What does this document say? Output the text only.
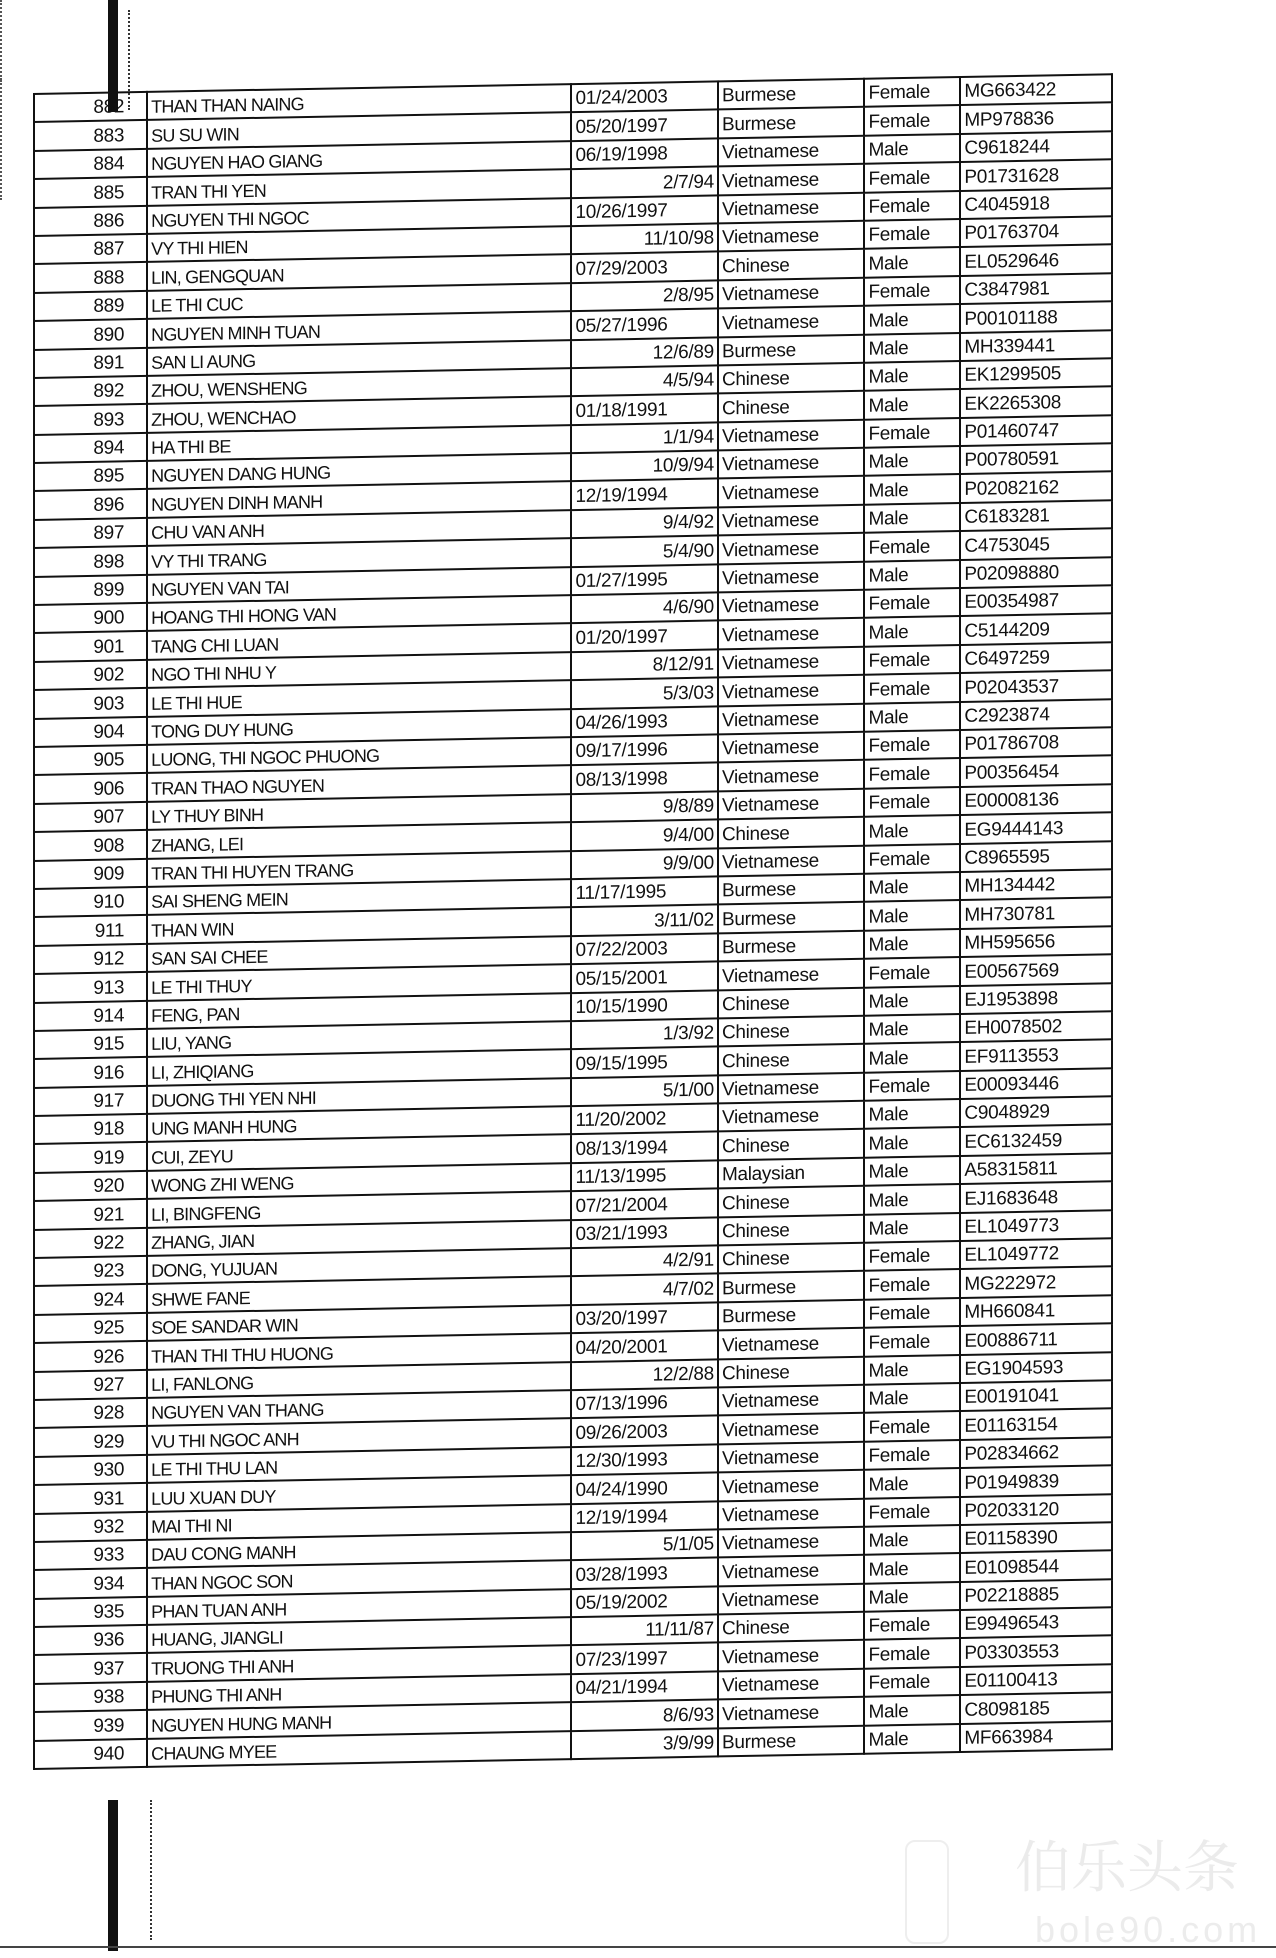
882	THAN THAN NAING	01/24/2003	Burmese	Female	MG663422
883	SU SU WIN	05/20/1997	Burmese	Female	MP978836
884	NGUYEN HAO GIANG	06/19/1998	Vietnamese	Male	C9618244
885	TRAN THI YEN	2/7/94	Vietnamese	Female	P01731628
886	NGUYEN THI NGOC	10/26/1997	Vietnamese	Female	C4045918
887	VY THI HIEN	11/10/98	Vietnamese	Female	P01763704
888	LIN, GENGQUAN	07/29/2003	Chinese	Male	EL0529646
889	LE THI CUC	2/8/95	Vietnamese	Female	C3847981
890	NGUYEN MINH TUAN	05/27/1996	Vietnamese	Male	P00101188
891	SAN LI AUNG	12/6/89	Burmese	Male	MH339441
892	ZHOU, WENSHENG	4/5/94	Chinese	Male	EK1299505
893	ZHOU, WENCHAO	01/18/1991	Chinese	Male	EK2265308
894	HA THI BE	1/1/94	Vietnamese	Female	P01460747
895	NGUYEN DANG HUNG	10/9/94	Vietnamese	Male	P00780591
896	NGUYEN DINH MANH	12/19/1994	Vietnamese	Male	P02082162
897	CHU VAN ANH	9/4/92	Vietnamese	Male	C6183281
898	VY THI TRANG	5/4/90	Vietnamese	Female	C4753045
899	NGUYEN VAN TAI	01/27/1995	Vietnamese	Male	P02098880
900	HOANG THI HONG VAN	4/6/90	Vietnamese	Female	E00354987
901	TANG CHI LUAN	01/20/1997	Vietnamese	Male	C5144209
902	NGO THI NHU Y	8/12/91	Vietnamese	Female	C6497259
903	LE THI HUE	5/3/03	Vietnamese	Female	P02043537
904	TONG DUY HUNG	04/26/1993	Vietnamese	Male	C2923874
905	LUONG, THI NGOC PHUONG	09/17/1996	Vietnamese	Female	P01786708
906	TRAN THAO NGUYEN	08/13/1998	Vietnamese	Female	P00356454
907	LY THUY BINH	9/8/89	Vietnamese	Female	E00008136
908	ZHANG, LEI	9/4/00	Chinese	Male	EG9444143
909	TRAN THI HUYEN TRANG	9/9/00	Vietnamese	Female	C8965595
910	SAI SHENG MEIN	11/17/1995	Burmese	Male	MH134442
911	THAN WIN	3/11/02	Burmese	Male	MH730781
912	SAN SAI CHEE	07/22/2003	Burmese	Male	MH595656
913	LE THI THUY	05/15/2001	Vietnamese	Female	E00567569
914	FENG, PAN	10/15/1990	Chinese	Male	EJ1953898
915	LIU, YANG	1/3/92	Chinese	Male	EH0078502
916	LI, ZHIQIANG	09/15/1995	Chinese	Male	EF9113553
917	DUONG THI YEN NHI	5/1/00	Vietnamese	Female	E00093446
918	UNG MANH HUNG	11/20/2002	Vietnamese	Male	C9048929
919	CUI, ZEYU	08/13/1994	Chinese	Male	EC6132459
920	WONG ZHI WENG	11/13/1995	Malaysian	Male	A58315811
921	LI, BINGFENG	07/21/2004	Chinese	Male	EJ1683648
922	ZHANG, JIAN	03/21/1993	Chinese	Male	EL1049773
923	DONG, YUJUAN	4/2/91	Chinese	Female	EL1049772
924	SHWE FANE	4/7/02	Burmese	Female	MG222972
925	SOE SANDAR WIN	03/20/1997	Burmese	Female	MH660841
926	THAN THI THU HUONG	04/20/2001	Vietnamese	Female	E00886711
927	LI, FANLONG	12/2/88	Chinese	Male	EG1904593
928	NGUYEN VAN THANG	07/13/1996	Vietnamese	Male	E00191041
929	VU THI NGOC ANH	09/26/2003	Vietnamese	Female	E01163154
930	LE THI THU LAN	12/30/1993	Vietnamese	Female	P02834662
931	LUU XUAN DUY	04/24/1990	Vietnamese	Male	P01949839
932	MAI THI NI	12/19/1994	Vietnamese	Female	P02033120
933	DAU CONG MANH	5/1/05	Vietnamese	Male	E01158390
934	THAN NGOC SON	03/28/1993	Vietnamese	Male	E01098544
935	PHAN TUAN ANH	05/19/2002	Vietnamese	Male	P02218885
936	HUANG, JIANGLI	11/11/87	Chinese	Female	E99496543
937	TRUONG THI ANH	07/23/1997	Vietnamese	Female	P03303553
938	PHUNG THI ANH	04/21/1994	Vietnamese	Female	E01100413
939	NGUYEN HUNG MANH	8/6/93	Vietnamese	Male	C8098185
940	CHAUNG MYEE	3/9/99	Burmese	Male	MF663984
伯乐头条
bole90.com
